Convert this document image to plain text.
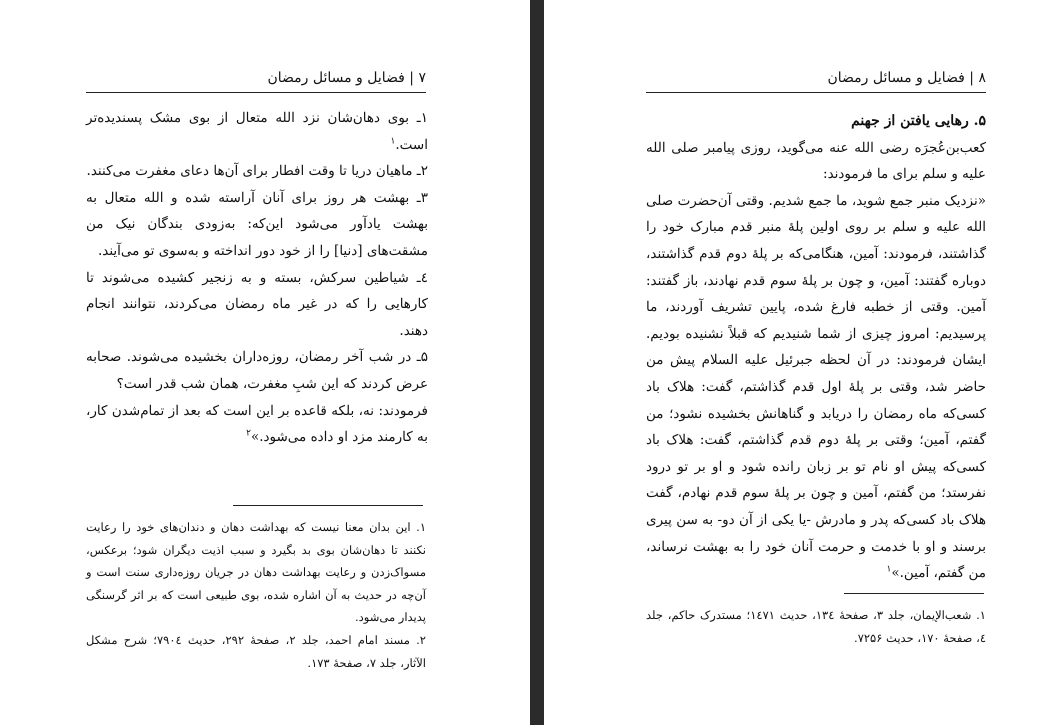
۷ | فضایل و مسائل رمضان

۱ـ بوی دهان‌شان نزد الله متعال از بوی مشک پسندیده‌تر است.$^۱$

۲ـ ماهیان دریا تا وقت افطار برای آن‌ها دعای مغفرت می‌کنند.

۳ـ بهشت هر روز برای آنان آراسته شده و الله متعال به بهشت یادآور می‌شود این‌که: به‌زودی بندگان نیک من مشقت‌های [دنیا] را از خود دور انداخته و به‌سوی تو می‌آیند.

٤ـ شیاطین سرکش، بسته و به زنجیر کشیده می‌شوند تا کارهایی را که در غیر ماه رمضان می‌کردند، نتوانند انجام دهند.

۵ـ در شب آخر رمضان، روزه‌داران بخشیده می‌شوند. صحابه عرض کردند که این شبِ مغفرت، همان شب قدر است؟

فرمودند: نه، بلکه قاعده بر این است که بعد از تمام‌شدن کار، به کارمند مزد او داده می‌شود.»$^۲$

۱. این بدان معنا نیست که بهداشت دهان و دندان‌های خود را رعایت نکنند تا دهان‌شان بوی بد بگیرد و سبب اذیت دیگران شود؛ برعکس، مسواک‌زدن و رعایت بهداشت دهان در جریان روزه‌داری سنت است و آن‌چه در حدیث به آن اشاره شده، بوی طبیعی است که بر اثر گرسنگی پدیدار می‌شود.

۲. مسند امام احمد، جلد ۲، صفحهٔ ۲۹۲، حدیث ۷۹۰٤؛ شرح مشکل الآثار، جلد ۷، صفحهٔ ۱۷۳.

۸ | فضایل و مسائل رمضان

۵. رهایی یافتن از جهنم

کعب‌بن‌عُجرَه رضی الله عنه می‌گوید، روزی پیامبر صلی الله علیه و سلم برای ما فرمودند:

«نزدیک منبر جمع شوید، ما جمع شدیم. وقتی آن‌حضرت صلی الله علیه و سلم بر روی اولین پلهٔ منبر قدم مبارک خود را گذاشتند، فرمودند: آمین، هنگامی‌که بر پلهٔ دوم قدم گذاشتند، دوباره گفتند: آمین، و چون بر پلهٔ سوم قدم نهادند، باز گفتند: آمین. وقتی از خطبه فارغ شده، پایین تشریف آوردند، ما پرسیدیم: امروز چیزی از شما شنیدیم که قبلاً نشنیده بودیم. ایشان فرمودند: در آن لحظه جبرئیل علیه السلام پیش من حاضر شد، وقتی بر پلهٔ اول قدم گذاشتم، گفت: هلاک باد کسی‌که ماه رمضان را دریابد و گناهانش بخشیده نشود؛ من گفتم، آمین؛ وقتی بر پلهٔ دوم قدم گذاشتم، گفت: هلاک باد کسی‌که پیش او نام تو بر زبان رانده شود و او بر تو درود نفرستد؛ من گفتم، آمین و چون بر پلهٔ سوم قدم نهادم، گفت هلاک باد کسی‌که پدر و مادرش -یا یکی از آن دو- به سن پیری برسند و او با خدمت و حرمت آنان خود را به بهشت نرساند، من گفتم، آمین.»$^۱$

۱. شعب‌الإیمان، جلد ۳، صفحهٔ ۱۳٤، حدیث ۱٤۷۱؛ مستدرک حاکم، جلد ٤، صفحهٔ ۱۷۰، حدیث ۷۲۵۶.
